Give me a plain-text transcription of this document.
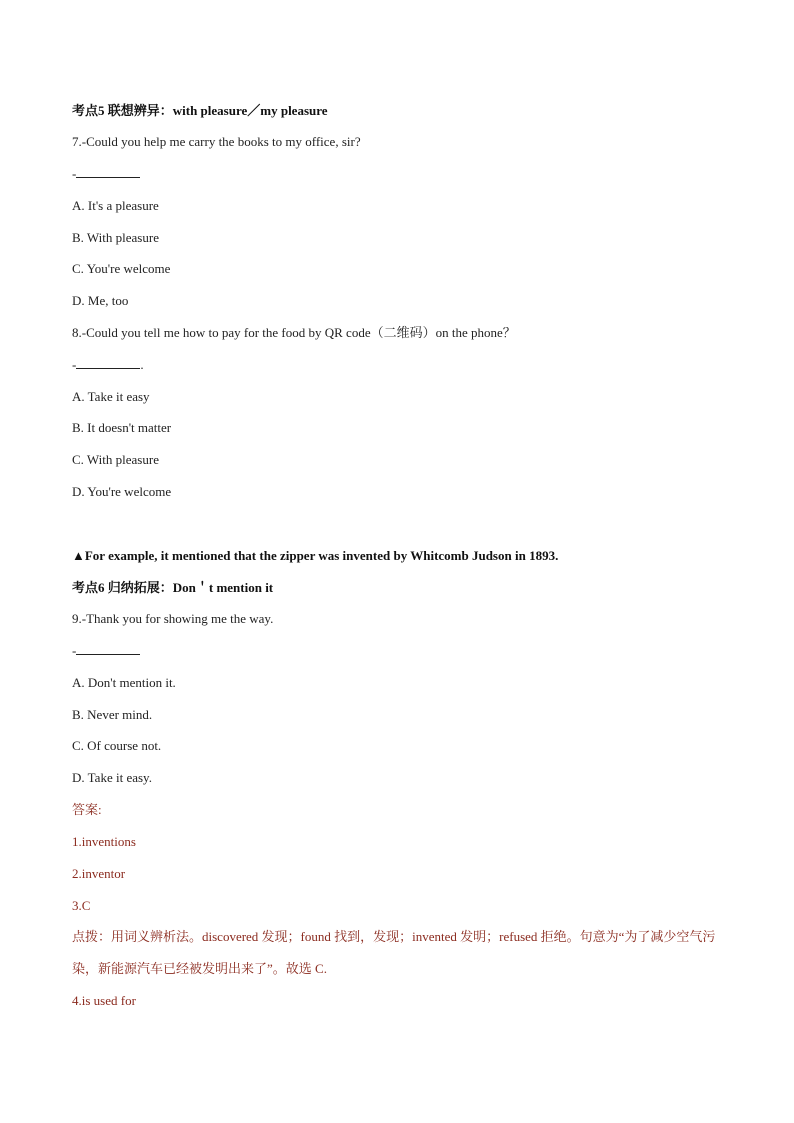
考点5 联想辨异：with pleasure／my pleasure
7.-Could you help me carry the books to my office, sir?
-
A. It's a pleasure
B. With pleasure
C. You're welcome
D. Me, too
8.-Could you tell me how to pay for the food by QR code（二维码）on the phone？
-	.
A. Take it easy
B. It doesn't matter
C. With pleasure
D. You're welcome
▲For example, it mentioned that the zipper was invented by Whitcomb Judson in 1893.
考点6 归纳拓展：Don＇t mention it
9.-Thank you for showing me the way.
-
A. Don't mention it.
B. Never mind.
C. Of course not.
D. Take it easy.
答案:
1.inventions
2.inventor
3.C
点拨：用词义辨析法。discovered 发现；found 找到，发现；invented 发明；refused 拒绝。句意为“为了减少空气污染，新能源汽车已经被发明出来了”。故选 C.
4.is used for
